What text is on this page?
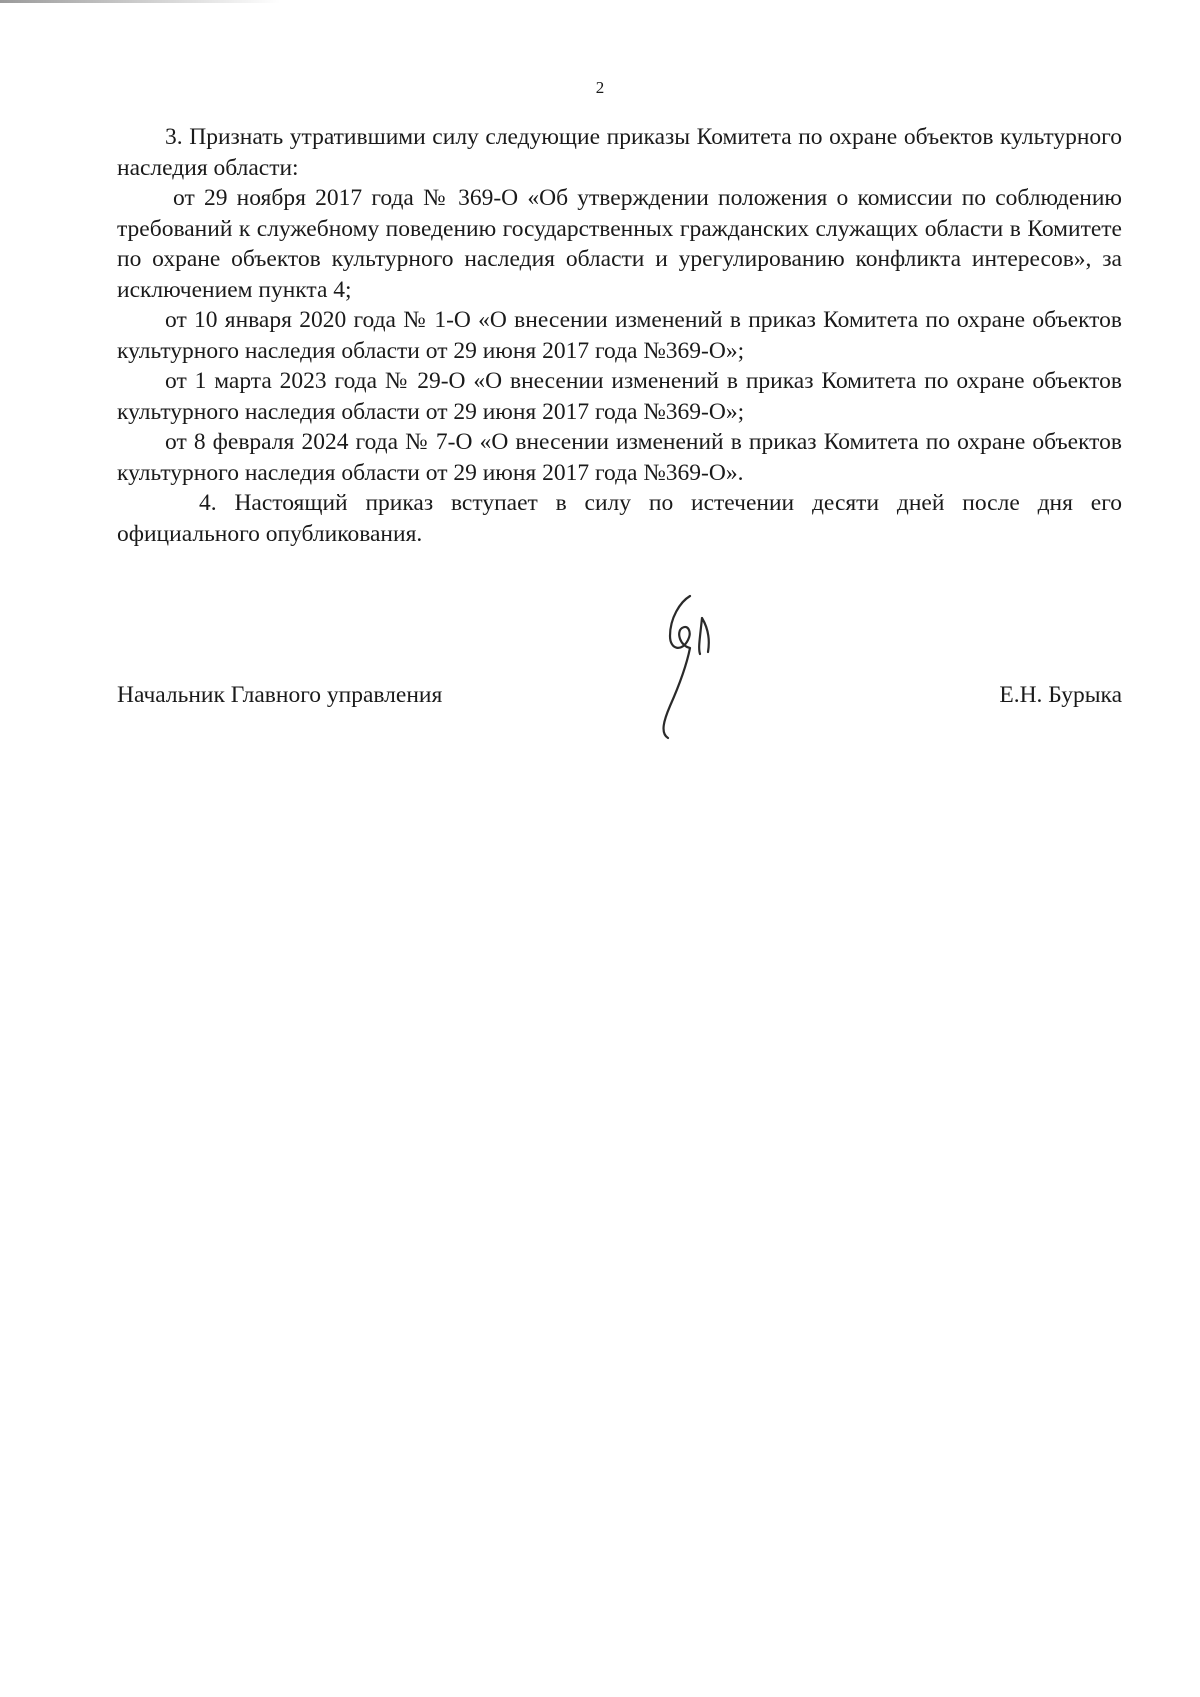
2

3. Признать утратившими силу следующие приказы Комитета по охране объектов культурного наследия области:

от 29 ноября 2017 года № 369-О «Об утверждении положения о комиссии по соблюдению требований к служебному поведению государственных гражданских служащих области в Комитете по охране объектов культурного наследия области и урегулированию конфликта интересов», за исключением пункта 4;

от 10 января 2020 года № 1-О «О внесении изменений в приказ Комитета по охране объектов культурного наследия области от 29 июня 2017 года №369-О»;

от 1 марта 2023 года № 29-О «О внесении изменений в приказ Комитета по охране объектов культурного наследия области от 29 июня 2017 года №369-О»;

от 8 февраля 2024 года № 7-О «О внесении изменений в приказ Комитета по охране объектов культурного наследия области от 29 июня 2017 года №369-О».

4. Настоящий приказ вступает в силу по истечении десяти дней после дня его официального опубликования.

Начальник Главного управления	Е.Н. Бурыка
